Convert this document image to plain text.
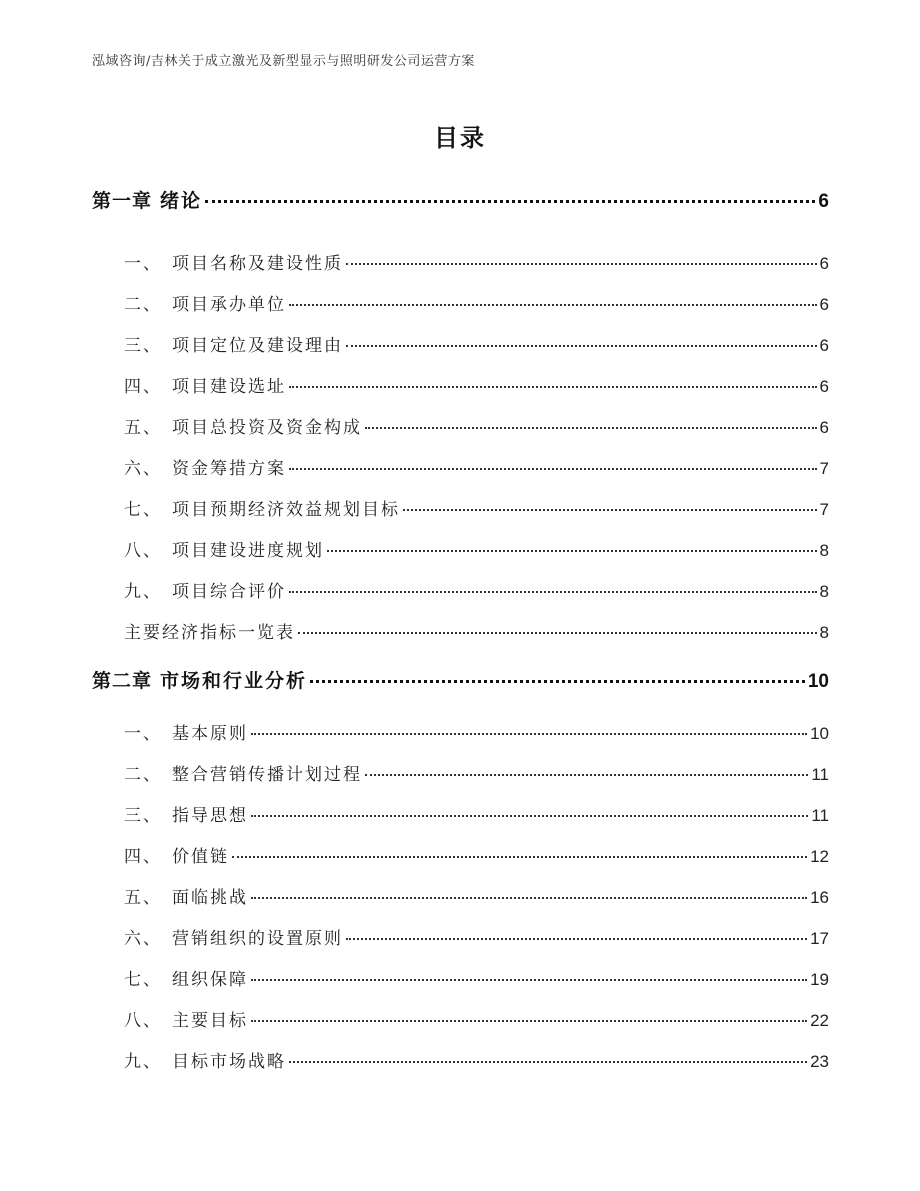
泓域咨询/吉林关于成立激光及新型显示与照明研发公司运营方案
目录
第一章 绪论	6
一、 项目名称及建设性质	6
二、 项目承办单位	6
三、 项目定位及建设理由	6
四、 项目建设选址	6
五、 项目总投资及资金构成	6
六、 资金筹措方案	7
七、 项目预期经济效益规划目标	7
八、 项目建设进度规划	8
九、 项目综合评价	8
主要经济指标一览表	8
第二章 市场和行业分析	10
一、 基本原则	10
二、 整合营销传播计划过程	11
三、 指导思想	11
四、 价值链	12
五、 面临挑战	16
六、 营销组织的设置原则	17
七、 组织保障	19
八、 主要目标	22
九、 目标市场战略	23
